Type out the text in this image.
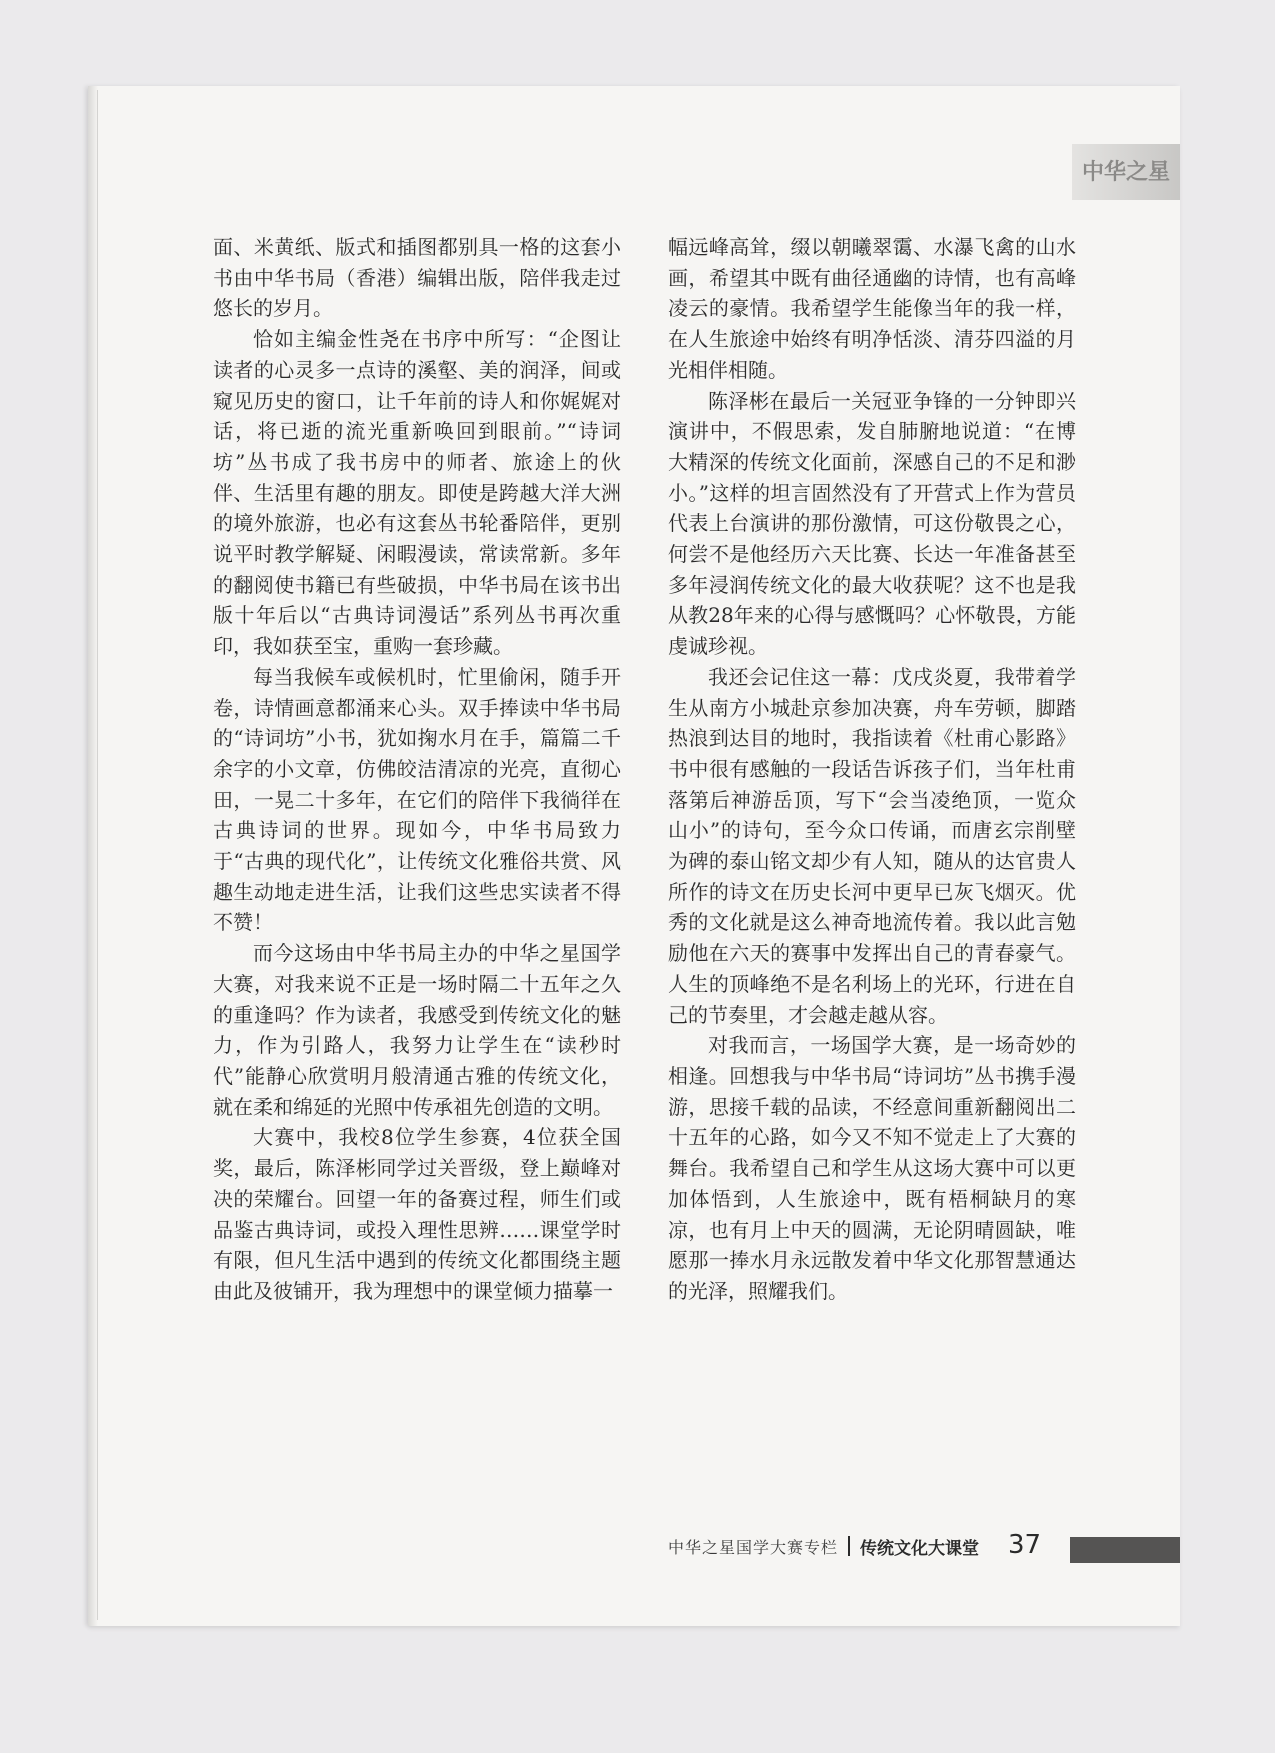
中华之星

面、米黄纸、版式和插图都别具一格的这套小书由中华书局（香港）编辑出版，陪伴我走过悠长的岁月。

恰如主编金性尧在书序中所写：“企图让读者的心灵多一点诗的溪壑、美的润泽，间或窥见历史的窗口，让千年前的诗人和你娓娓对话，将已逝的流光重新唤回到眼前。”“诗词坊”丛书成了我书房中的师者、旅途上的伙伴、生活里有趣的朋友。即使是跨越大洋大洲的境外旅游，也必有这套丛书轮番陪伴，更别说平时教学解疑、闲暇漫读，常读常新。多年的翻阅使书籍已有些破损，中华书局在该书出版十年后以“古典诗词漫话”系列丛书再次重印，我如获至宝，重购一套珍藏。

每当我候车或候机时，忙里偷闲，随手开卷，诗情画意都涌来心头。双手捧读中华书局的“诗词坊”小书，犹如掬水月在手，篇篇二千余字的小文章，仿佛皎洁清凉的光亮，直彻心田，一晃二十多年，在它们的陪伴下我徜徉在古典诗词的世界。现如今，中华书局致力于“古典的现代化”，让传统文化雅俗共赏、风趣生动地走进生活，让我们这些忠实读者不得不赞！

而今这场由中华书局主办的中华之星国学大赛，对我来说不正是一场时隔二十五年之久的重逢吗？作为读者，我感受到传统文化的魅力，作为引路人，我努力让学生在“读秒时代”能静心欣赏明月般清通古雅的传统文化，就在柔和绵延的光照中传承祖先创造的文明。

大赛中，我校8位学生参赛，4位获全国奖，最后，陈泽彬同学过关晋级，登上巅峰对决的荣耀台。回望一年的备赛过程，师生们或品鉴古典诗词，或投入理性思辨……课堂学时有限，但凡生活中遇到的传统文化都围绕主题由此及彼铺开，我为理想中的课堂倾力描摹一

幅远峰高耸，缀以朝曦翠霭、水瀑飞禽的山水画，希望其中既有曲径通幽的诗情，也有高峰凌云的豪情。我希望学生能像当年的我一样，在人生旅途中始终有明净恬淡、清芬四溢的月光相伴相随。

陈泽彬在最后一关冠亚争锋的一分钟即兴演讲中，不假思索，发自肺腑地说道：“在博大精深的传统文化面前，深感自己的不足和渺小。”这样的坦言固然没有了开营式上作为营员代表上台演讲的那份激情，可这份敬畏之心，何尝不是他经历六天比赛、长达一年准备甚至多年浸润传统文化的最大收获呢？这不也是我从教28年来的心得与感慨吗？心怀敬畏，方能虔诚珍视。

我还会记住这一幕：戊戌炎夏，我带着学生从南方小城赴京参加决赛，舟车劳顿，脚踏热浪到达目的地时，我指读着《杜甫心影路》书中很有感触的一段话告诉孩子们，当年杜甫落第后神游岳顶，写下“会当凌绝顶，一览众山小”的诗句，至今众口传诵，而唐玄宗削壁为碑的泰山铭文却少有人知，随从的达官贵人所作的诗文在历史长河中更早已灰飞烟灭。优秀的文化就是这么神奇地流传着。我以此言勉励他在六天的赛事中发挥出自己的青春豪气。人生的顶峰绝不是名利场上的光环，行进在自己的节奏里，才会越走越从容。

对我而言，一场国学大赛，是一场奇妙的相逢。回想我与中华书局“诗词坊”丛书携手漫游，思接千载的品读，不经意间重新翻阅出二十五年的心路，如今又不知不觉走上了大赛的舞台。我希望自己和学生从这场大赛中可以更加体悟到，人生旅途中，既有梧桐缺月的寒凉，也有月上中天的圆满，无论阴晴圆缺，唯愿那一捧水月永远散发着中华文化那智慧通达的光泽，照耀我们。

中华之星国学大赛专栏 传统文化大课堂 37
